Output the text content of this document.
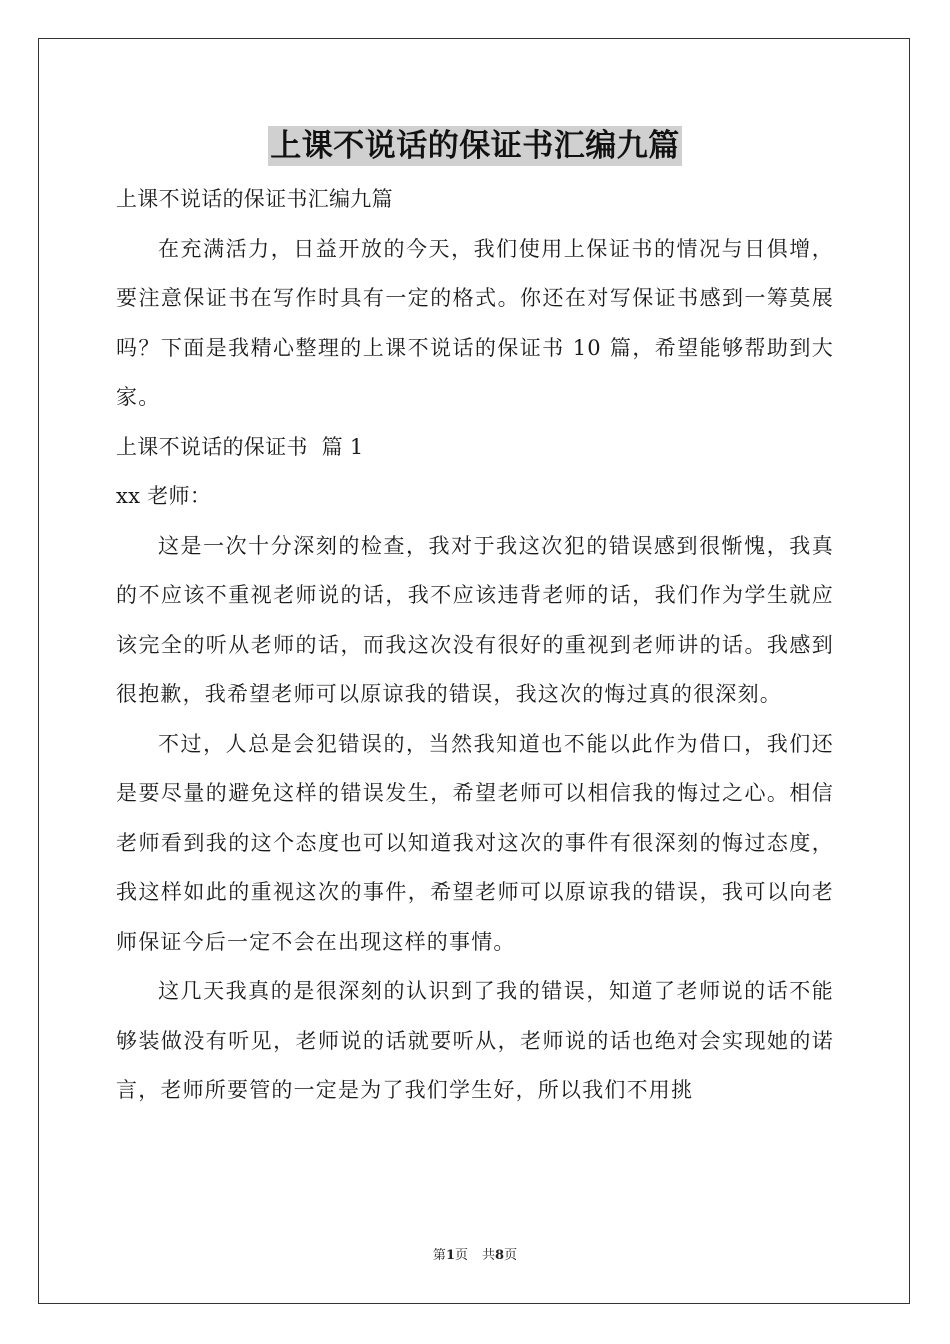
上课不说话的保证书汇编九篇

上课不说话的保证书汇编九篇

在充满活力，日益开放的今天，我们使用上保证书的情况与日俱增，要注意保证书在写作时具有一定的格式。你还在对写保证书感到一筹莫展吗？下面是我精心整理的上课不说话的保证书 10 篇，希望能够帮助到大家。

上课不说话的保证书  篇 1

xx 老师：

这是一次十分深刻的检查，我对于我这次犯的错误感到很惭愧，我真的不应该不重视老师说的话，我不应该违背老师的话，我们作为学生就应该完全的听从老师的话，而我这次没有很好的重视到老师讲的话。我感到很抱歉，我希望老师可以原谅我的错误，我这次的悔过真的很深刻。

不过，人总是会犯错误的，当然我知道也不能以此作为借口，我们还是要尽量的避免这样的错误发生，希望老师可以相信我的悔过之心。相信老师看到我的这个态度也可以知道我对这次的事件有很深刻的悔过态度，我这样如此的重视这次的事件，希望老师可以原谅我的错误，我可以向老师保证今后一定不会在出现这样的事情。

这几天我真的是很深刻的认识到了我的错误，知道了老师说的话不能够装做没有听见，老师说的话就要听从，老师说的话也绝对会实现她的诺言，老师所要管的一定是为了我们学生好，所以我们不用挑

第1页 共8页
